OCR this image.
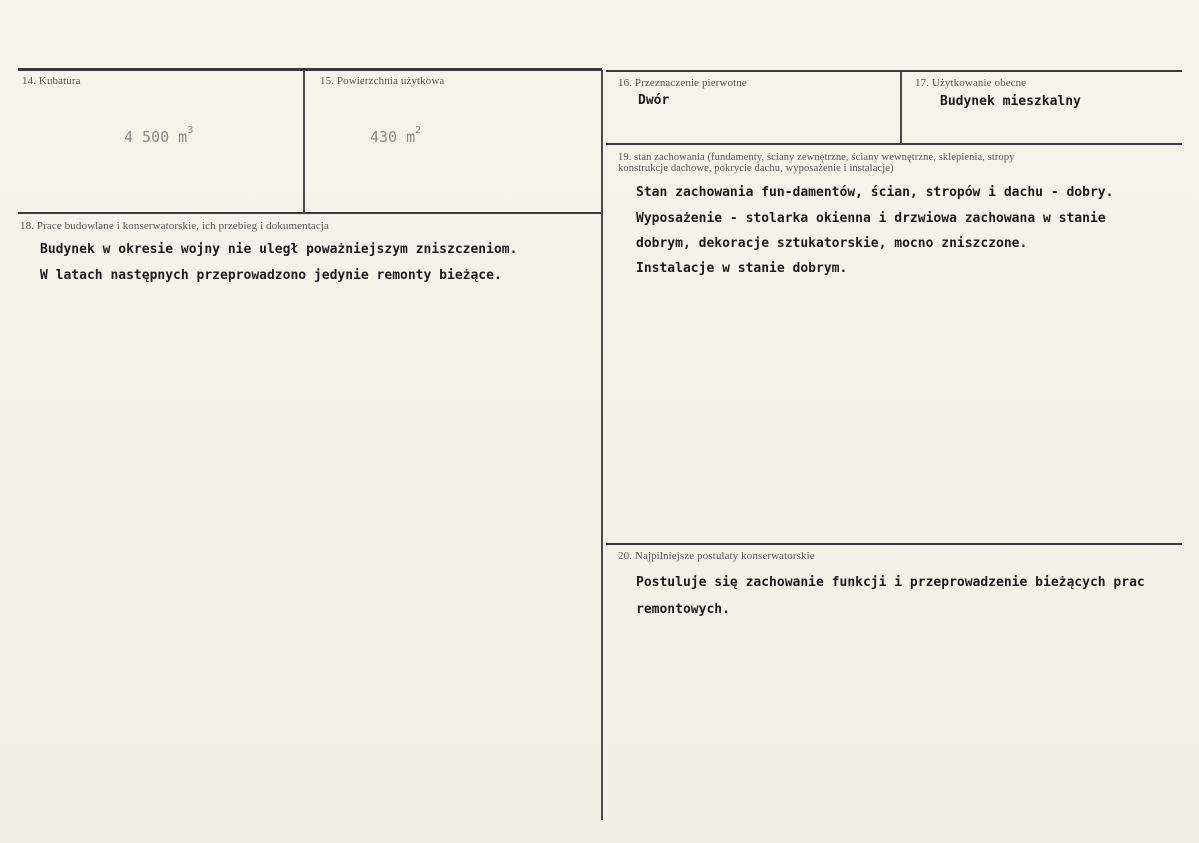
14. Kubatura
4 500 $m^3$
15. Powierzchnia użytkowa
430 $m^2$
16. Przeznaczenie pierwotne
Dwór
17. Użytkowanie obecne
Budynek mieszkalny
18. Prace budowlane i konserwatorskie, ich przebieg i dokumentacja
Budynek w okresie wojny nie uległ poważniejszym zniszczeniom.
W latach następnych przeprowadzono jedynie remonty bieżące.
19. stan zachowania (fundamenty, ściany zewnętrzne, ściany wewnętrzne, sklepienia, stropy
konstrukcje dachowe, pokrycie dachu, wyposażenie i instalacje)
Stan zachowania fun-damentów, ścian, stropów i dachu - dobry.
Wyposażenie - stolarka okienna i drzwiowa zachowana w stanie
dobrym, dekoracje sztukatorskie, mocno zniszczone.
Instalacje w stanie dobrym.
20. Najpilniejsze postulaty konserwatorskie
Postuluje się zachowanie funkcji i przeprowadzenie bieżących prac
remontowych.
